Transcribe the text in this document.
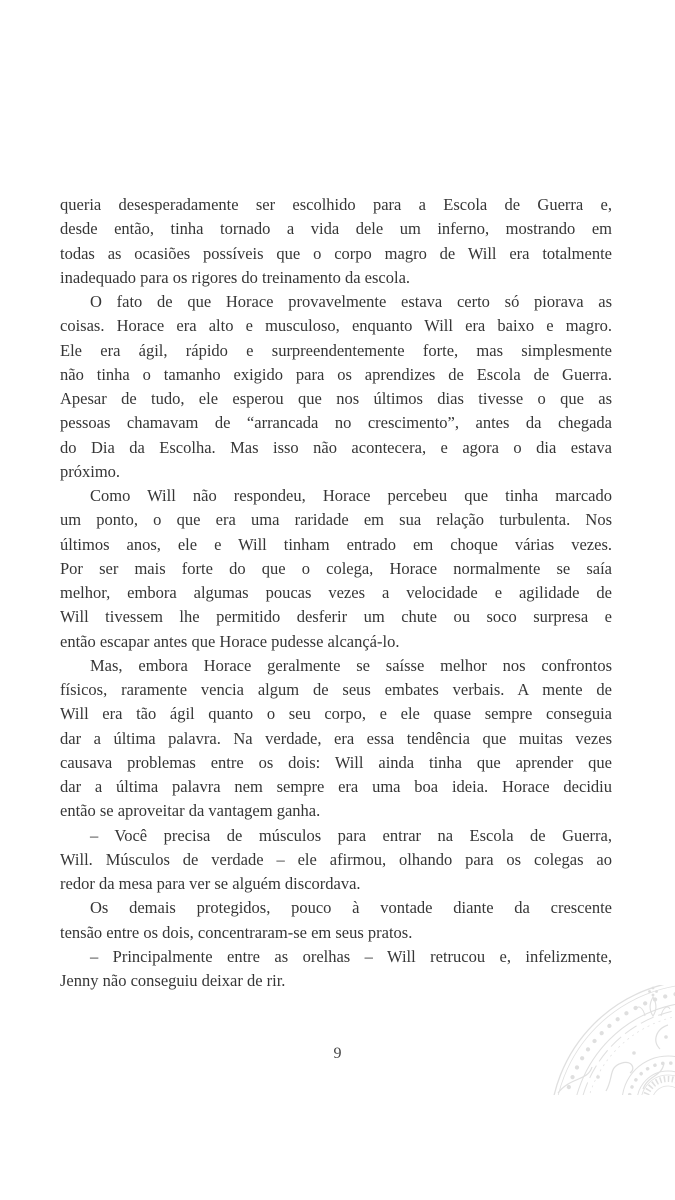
queria desesperadamente ser escolhido para a Escola de Guerra e,
desde então, tinha tornado a vida dele um inferno, mostrando em
todas as ocasiões possíveis que o corpo magro de Will era totalmente
inadequado para os rigores do treinamento da escola.
O fato de que Horace provavelmente estava certo só piorava as
coisas. Horace era alto e musculoso, enquanto Will era baixo e magro.
Ele era ágil, rápido e surpreendentemente forte, mas simplesmente
não tinha o tamanho exigido para os aprendizes de Escola de Guerra.
Apesar de tudo, ele esperou que nos últimos dias tivesse o que as
pessoas chamavam de “arrancada no crescimento”, antes da chegada
do Dia da Escolha. Mas isso não acontecera, e agora o dia estava
próximo.
Como Will não respondeu, Horace percebeu que tinha marcado
um ponto, o que era uma raridade em sua relação turbulenta. Nos
últimos anos, ele e Will tinham entrado em choque várias vezes.
Por ser mais forte do que o colega, Horace normalmente se saía
melhor, embora algumas poucas vezes a velocidade e agilidade de
Will tivessem lhe permitido desferir um chute ou soco surpresa e
então escapar antes que Horace pudesse alcançá-lo.
Mas, embora Horace geralmente se saísse melhor nos confrontos
físicos, raramente vencia algum de seus embates verbais. A mente de
Will era tão ágil quanto o seu corpo, e ele quase sempre conseguia
dar a última palavra. Na verdade, era essa tendência que muitas vezes
causava problemas entre os dois: Will ainda tinha que aprender que
dar a última palavra nem sempre era uma boa ideia. Horace decidiu
então se aproveitar da vantagem ganha.
– Você precisa de músculos para entrar na Escola de Guerra,
Will. Músculos de verdade – ele afirmou, olhando para os colegas ao
redor da mesa para ver se alguém discordava.
Os demais protegidos, pouco à vontade diante da crescente
tensão entre os dois, concentraram-se em seus pratos.
– Principalmente entre as orelhas – Will retrucou e, infelizmente,
Jenny não conseguiu deixar de rir.
9
